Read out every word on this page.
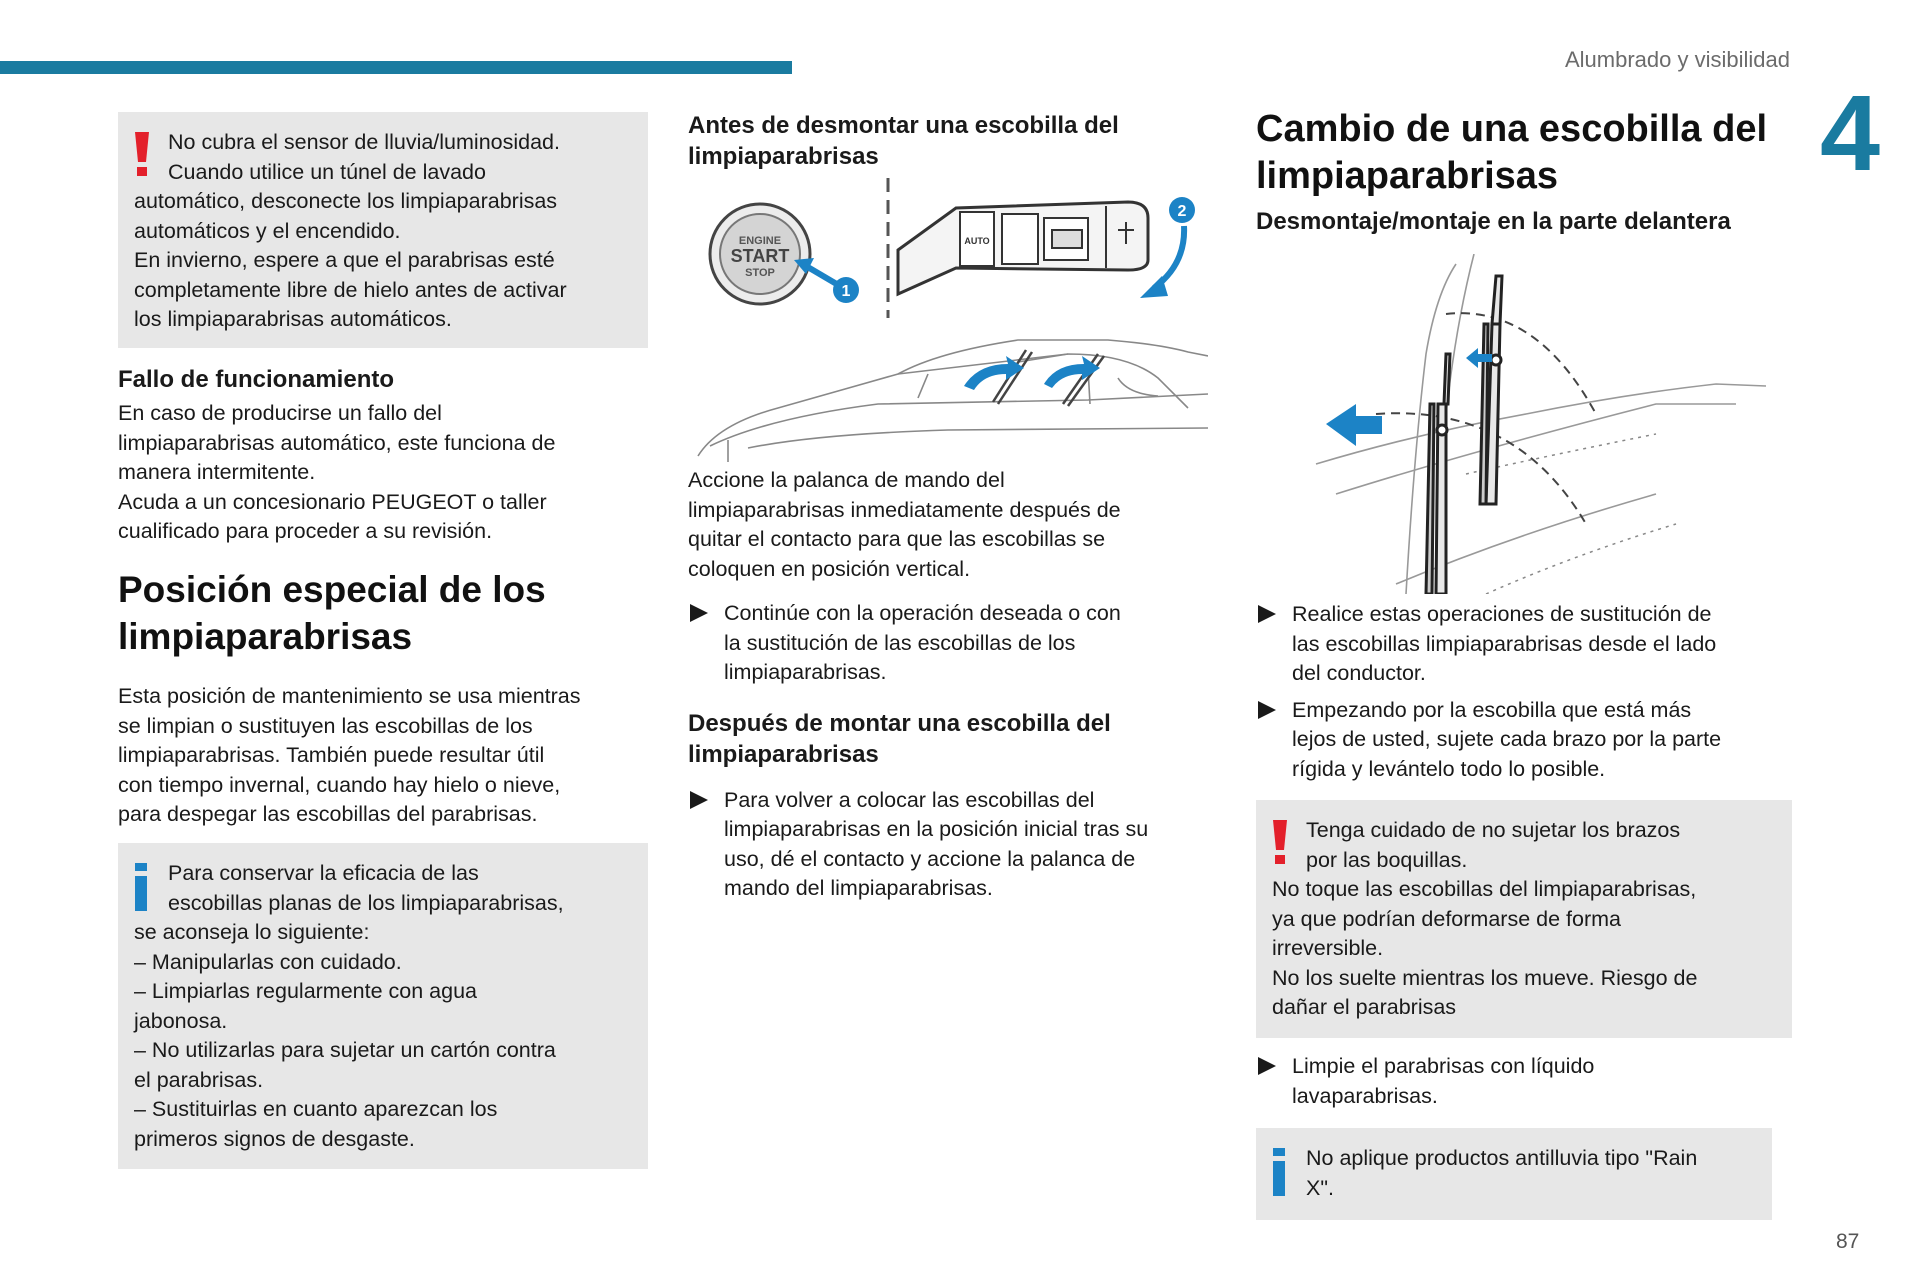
Alumbrado y visibilidad
4

No cubra el sensor de lluvia/luminosidad.

Cuando utilice un túnel de lavado

automático, desconecte los limpiaparabrisas

automáticos y el encendido.

En invierno, espere a que el parabrisas esté

completamente libre de hielo antes de activar

los limpiaparabrisas automáticos.

Fallo de funcionamiento

En caso de producirse un fallo del

limpiaparabrisas automático, este funciona de

manera intermitente.

Acuda a un concesionario PEUGEOT o taller

cualificado para proceder a su revisión.

Posición especial de los
limpiaparabrisas

Esta posición de mantenimiento se usa mientras

se limpian o sustituyen las escobillas de los

limpiaparabrisas. También puede resultar útil

con tiempo invernal, cuando hay hielo o nieve,

para despegar las escobillas del parabrisas.

Para conservar la eficacia de las

escobillas planas de los limpiaparabrisas,

se aconseja lo siguiente:

– Manipularlas con cuidado.

– Limpiarlas regularmente con agua

jabonosa.

– No utilizarlas para sujetar un cartón contra

el parabrisas.

– Sustituirlas en cuanto aparezcan los

primeros signos de desgaste.

Antes de desmontar una escobilla del
limpiaparabrisas
ENGINE
START
STOP
1
AUTO
2

Accione la palanca de mando del

limpiaparabrisas inmediatamente después de

quitar el contacto para que las escobillas se

coloquen en posición vertical.

Continúe con la operación deseada o con

la sustitución de las escobillas de los

limpiaparabrisas.

Después de montar una escobilla del
limpiaparabrisas

Para volver a colocar las escobillas del

limpiaparabrisas en la posición inicial tras su

uso, dé el contacto y accione la palanca de

mando del limpiaparabrisas.

Cambio de una escobilla del
limpiaparabrisas
Desmontaje/montaje en la parte delantera

Realice estas operaciones de sustitución de

las escobillas limpiaparabrisas desde el lado

del conductor.

Empezando por la escobilla que está más

lejos de usted, sujete cada brazo por la parte

rígida y levántelo todo lo posible.

Tenga cuidado de no sujetar los brazos

por las boquillas.

No toque las escobillas del limpiaparabrisas,

ya que podrían deformarse de forma

irreversible.

No los suelte mientras los mueve. Riesgo de

dañar el parabrisas

Limpie el parabrisas con líquido

lavaparabrisas.

No aplique productos antilluvia tipo "Rain

X".

87
